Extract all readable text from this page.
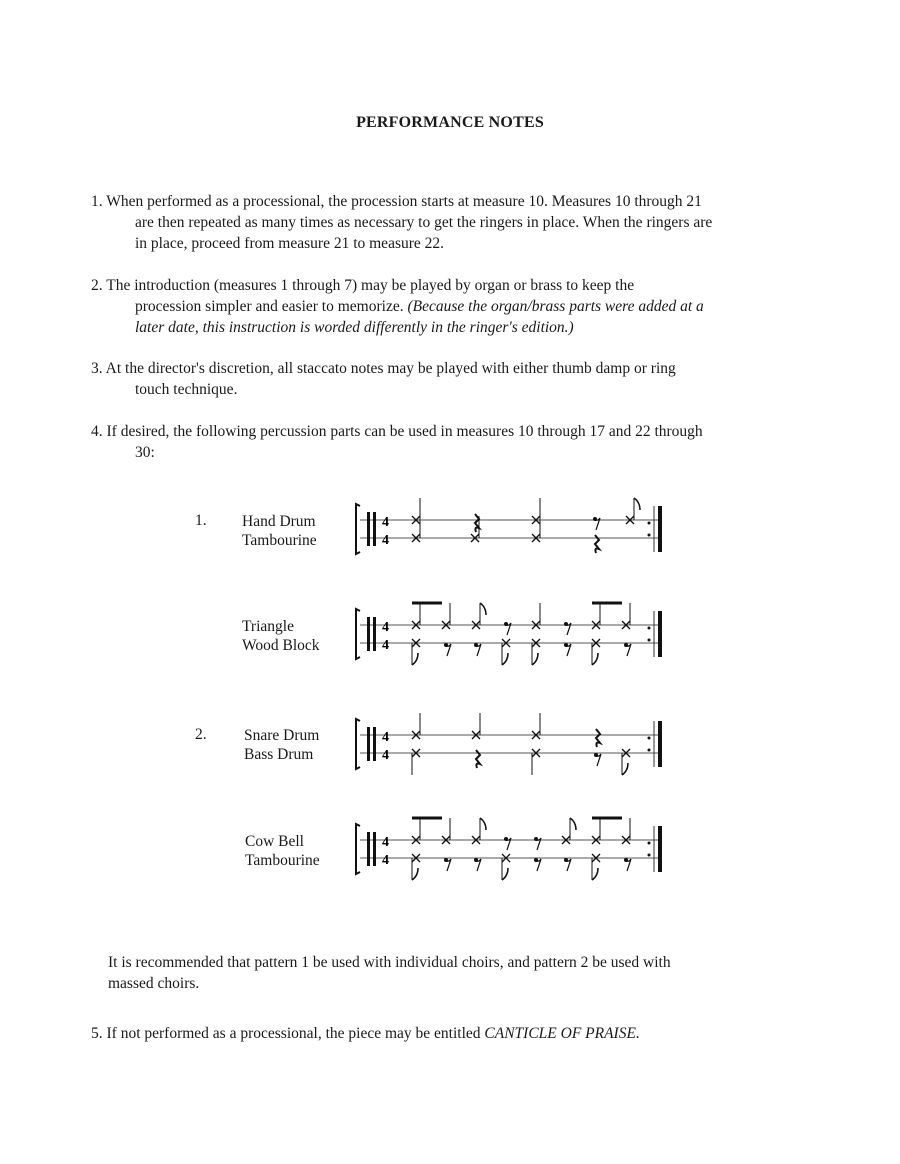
PERFORMANCE NOTES
1. When performed as a processional, the procession starts at measure 10. Measures 10 through 21
are then repeated as many times as necessary to get the ringers in place. When the ringers are
in place, proceed from measure 21 to measure 22.
2. The introduction (measures 1 through 7) may be played by organ or brass to keep the
procession simpler and easier to memorize. (Because the organ/brass parts were added at a
later date, this instruction is worded differently in the ringer's edition.)
3. At the director's discretion, all staccato notes may be played with either thumb damp or ring
touch technique.
4. If desired, the following percussion parts can be used in measures 10 through 17 and 22 through
30:
1. Hand Drum
Tambourine
4
4
Triangle
Wood Block
4
4
2. Snare Drum
Bass Drum
4
4
Cow Bell
Tambourine
4
4
It is recommended that pattern 1 be used with individual choirs, and pattern 2 be used with
massed choirs.
5. If not performed as a processional, the piece may be entitled CANTICLE OF PRAISE.
